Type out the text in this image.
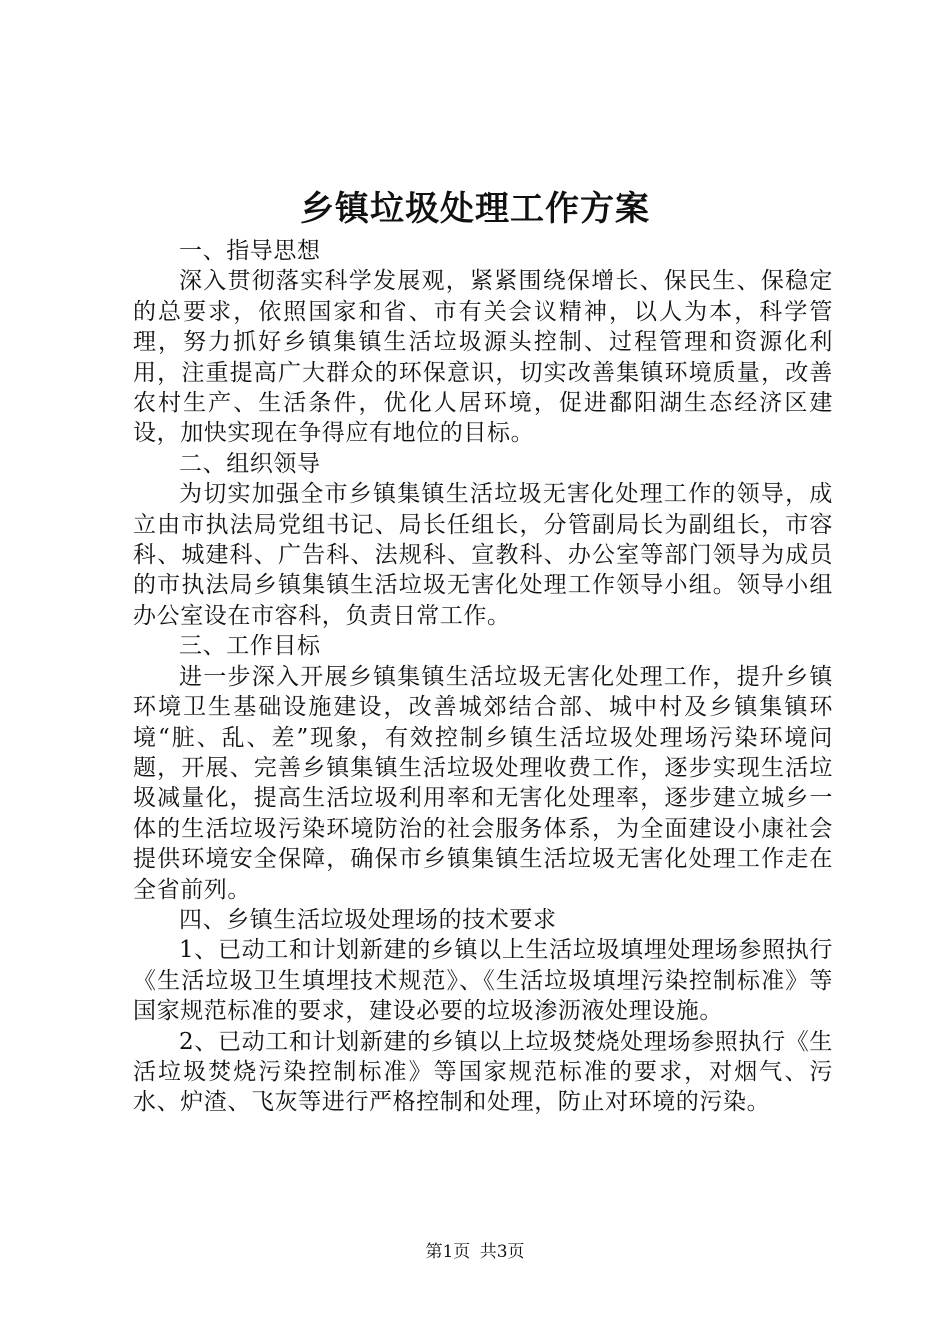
乡镇垃圾处理工作方案

一、指导思想

深入贯彻落实科学发展观，紧紧围绕保增长、保民生、保稳定的总要求，依照国家和省、市有关会议精神，以人为本，科学管理，努力抓好乡镇集镇生活垃圾源头控制、过程管理和资源化利用，注重提高广大群众的环保意识，切实改善集镇环境质量，改善农村生产、生活条件，优化人居环境，促进鄱阳湖生态经济区建设，加快实现在争得应有地位的目标。

二、组织领导

为切实加强全市乡镇集镇生活垃圾无害化处理工作的领导，成立由市执法局党组书记、局长任组长，分管副局长为副组长，市容科、城建科、广告科、法规科、宣教科、办公室等部门领导为成员的市执法局乡镇集镇生活垃圾无害化处理工作领导小组。领导小组办公室设在市容科，负责日常工作。

三、工作目标

进一步深入开展乡镇集镇生活垃圾无害化处理工作，提升乡镇环境卫生基础设施建设，改善城郊结合部、城中村及乡镇集镇环境“脏、乱、差”现象，有效控制乡镇生活垃圾处理场污染环境问题，开展、完善乡镇集镇生活垃圾处理收费工作，逐步实现生活垃圾减量化，提高生活垃圾利用率和无害化处理率，逐步建立城乡一体的生活垃圾污染环境防治的社会服务体系，为全面建设小康社会提供环境安全保障，确保市乡镇集镇生活垃圾无害化处理工作走在全省前列。

四、乡镇生活垃圾处理场的技术要求

1、已动工和计划新建的乡镇以上生活垃圾填埋处理场参照执行《生活垃圾卫生填埋技术规范》、《生活垃圾填埋污染控制标准》等国家规范标准的要求，建设必要的垃圾渗沥液处理设施。

2、已动工和计划新建的乡镇以上垃圾焚烧处理场参照执行《生活垃圾焚烧污染控制标准》等国家规范标准的要求，对烟气、污水、炉渣、飞灰等进行严格控制和处理，防止对环境的污染。

第1页 共3页
